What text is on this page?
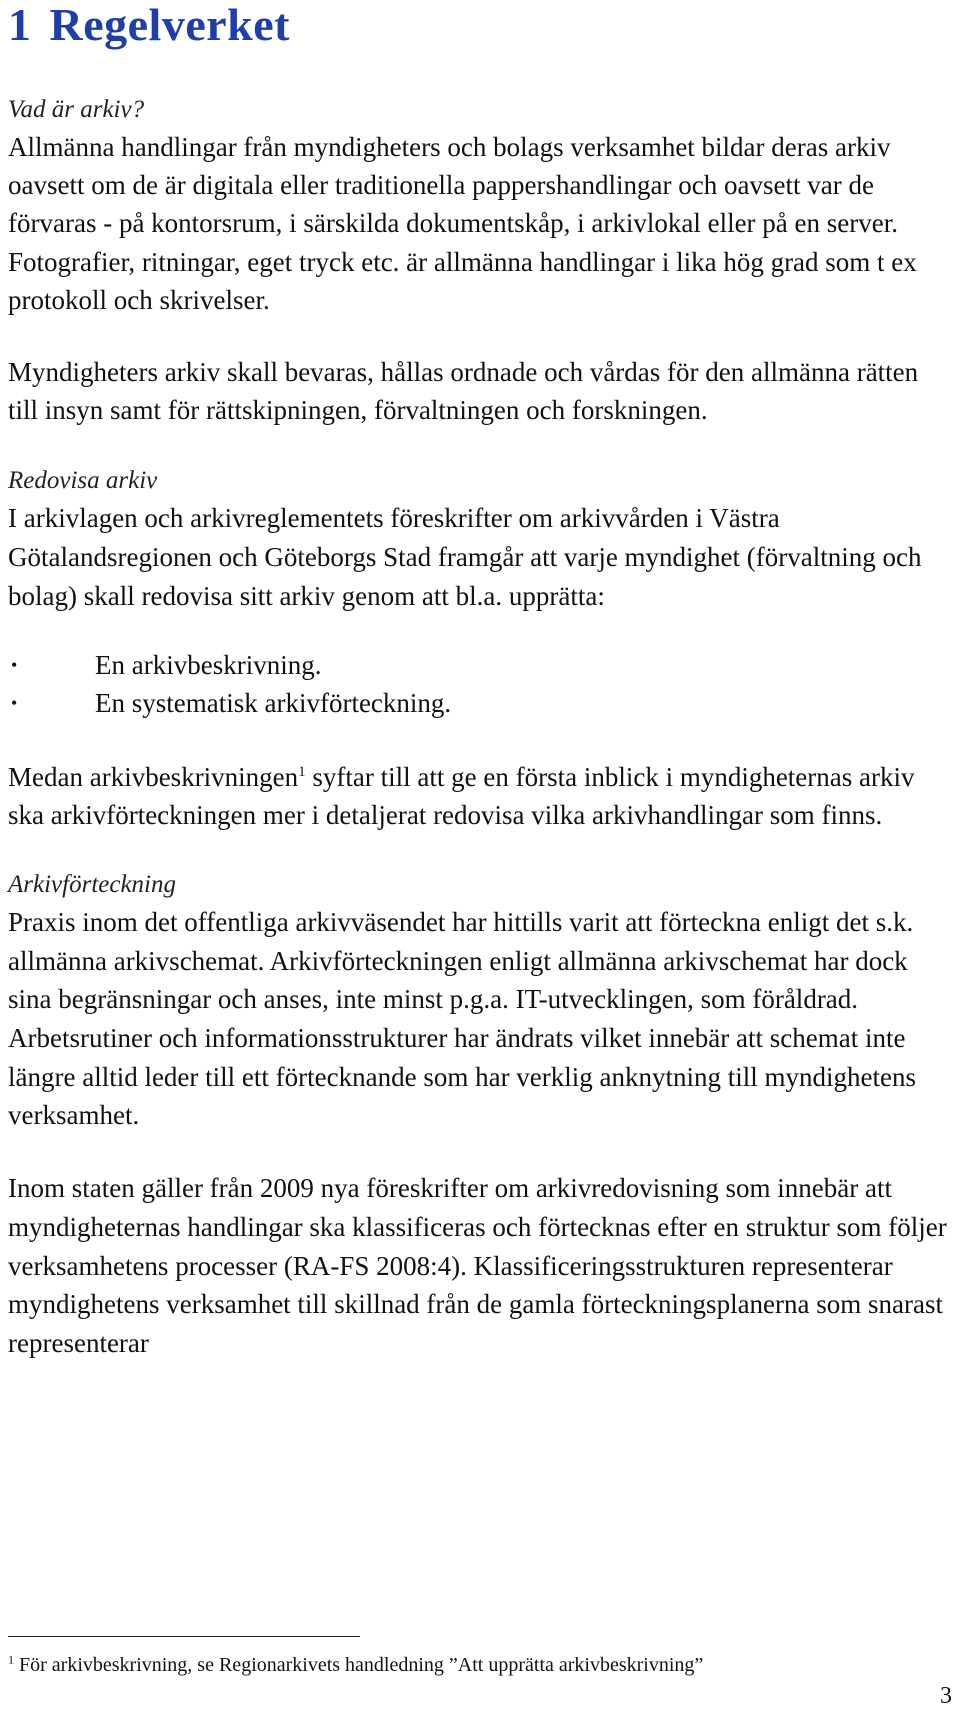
1 Regelverket
Vad är arkiv?

Allmänna handlingar från myndigheters och bolags verksamhet bildar deras arkiv oavsett om de är digitala eller traditionella pappershandlingar och oavsett var de förvaras - på kontorsrum, i särskilda dokumentskåp, i arkivlokal eller på en server. Fotografier, ritningar, eget tryck etc. är allmänna handlingar i lika hög grad som t ex protokoll och skrivelser.

Myndigheters arkiv skall bevaras, hållas ordnade och vårdas för den allmänna rätten till insyn samt för rättskipningen, förvaltningen och forskningen.

Redovisa arkiv

I arkivlagen och arkivreglementets föreskrifter om arkivvården i Västra Götalandsregionen och Göteborgs Stad framgår att varje myndighet (förvaltning och bolag) skall redovisa sitt arkiv genom att bl.a. upprätta:

•	En arkivbeskrivning.
•	En systematisk arkivförteckning.

Medan arkivbeskrivningen$^1$ syftar till att ge en första inblick i myndigheternas arkiv ska arkivförteckningen mer i detaljerat redovisa vilka arkivhandlingar som finns.

Arkivförteckning

Praxis inom det offentliga arkivväsendet har hittills varit att förteckna enligt det s.k. allmänna arkivschemat. Arkivförteckningen enligt allmänna arkivschemat har dock sina begränsningar och anses, inte minst p.g.a. IT-utvecklingen, som föråldrad. Arbetsrutiner och informationsstrukturer har ändrats vilket innebär att schemat inte längre alltid leder till ett förtecknande som har verklig anknytning till myndighetens verksamhet.

Inom staten gäller från 2009 nya föreskrifter om arkivredovisning som innebär att myndigheternas handlingar ska klassificeras och förtecknas efter en struktur som följer verksamhetens processer (RA-FS 2008:4). Klassificeringsstrukturen representerar myndighetens verksamhet till skillnad från de gamla förteckningsplanerna som snarast representerar

$^1$ För arkivbeskrivning, se Regionarkivets handledning ”Att upprätta arkivbeskrivning”
3
